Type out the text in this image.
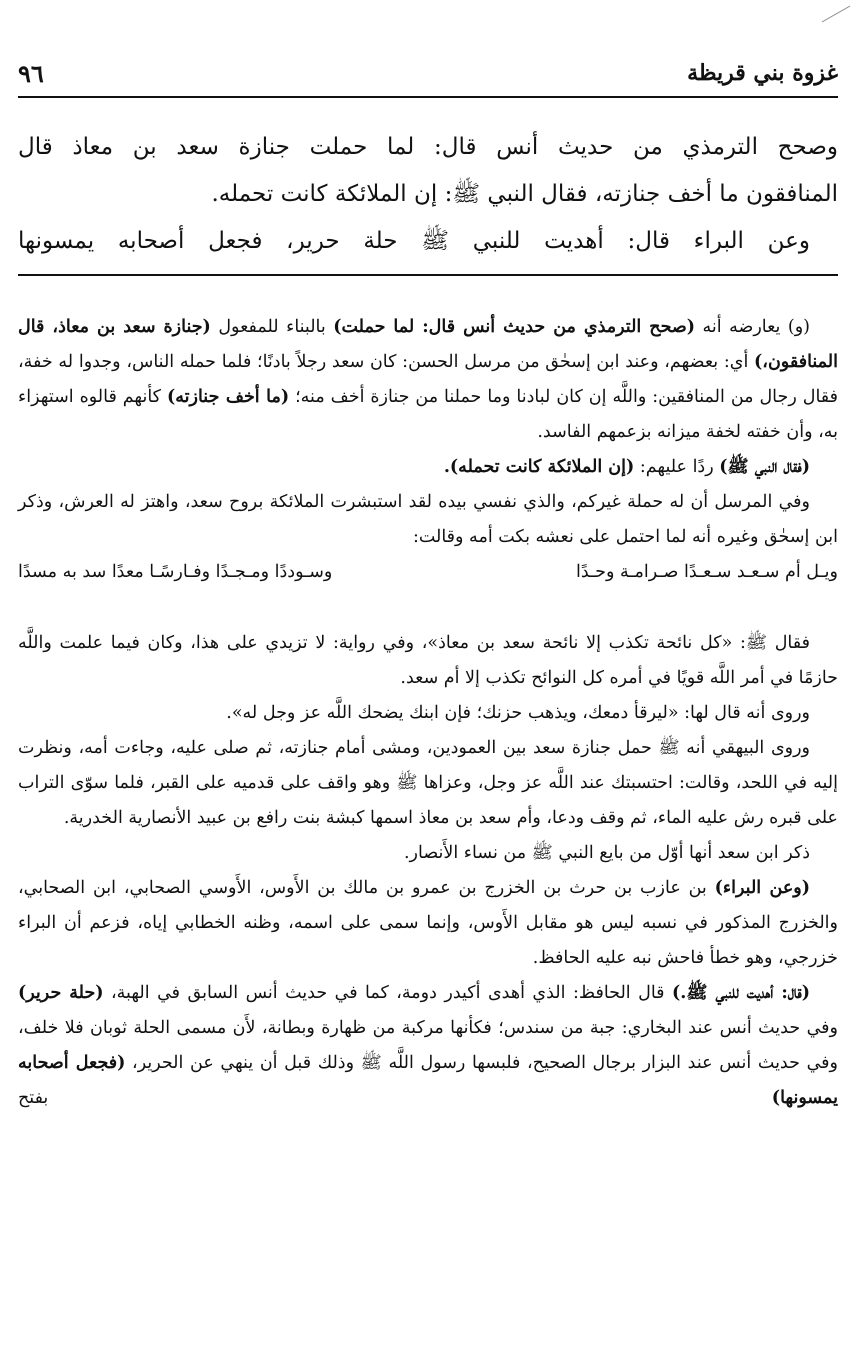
غزوة بني قريظة
٩٦

وصحح الترمذي من حديث أنس قال: لما حملت جنازة سعد بن معاذ قال

المنافقون ما أخف جنازته، فقال النبي ﷺ: إن الملائكة كانت تحمله.

وعن البراء قال: أهديت للنبي ﷺ حلة حرير، فجعل أصحابه يمسونها

(و) يعارضه أنه (صحح الترمذي من حديث أنس قال: لما حملت) بالبناء للمفعول (جنازة سعد بن معاذ، قال المنافقون،) أي: بعضهم، وعند ابن إسحٰق من مرسل الحسن: كان سعد رجلاً بادنًا؛ فلما حمله الناس، وجدوا له خفة، فقال رجال من المنافقين: واللَّه إن كان لبادنا وما حملنا من جنازة أخف منه؛ (ما أخف جنازته) كأنهم قالوه استهزاء به، وأن خفته لخفة ميزانه بزعمهم الفاسد.

(فقال النبي ﷺ) ردًا عليهم: (إن الملائكة كانت تحمله).

وفي المرسل أن له حملة غيركم، والذي نفسي بيده لقد استبشرت الملائكة بروح سعد، واهتز له العرش، وذكر ابن إسحٰق وغيره أنه لما احتمل على نعشه بكت أمه وقالت:

ويـل أم سـعـد سـعـدًا صـرامـة وحـدًا
وسـوددًا ومـجـدًا وفـارسًـا معدًا سد به مسدًا

فقال ﷺ: «كل نائحة تكذب إلا نائحة سعد بن معاذ»، وفي رواية: لا تزيدي على هذا، وكان فيما علمت واللَّه حازمًا في أمر اللَّه قويًا في أمره كل النوائح تكذب إلا أم سعد.

وروى أنه قال لها: «ليرقأ دمعك، ويذهب حزنك؛ فإن ابنك يضحك اللَّه عز وجل له».

وروى البيهقي أنه ﷺ حمل جنازة سعد بين العمودين، ومشى أمام جنازته، ثم صلى عليه، وجاءت أمه، ونظرت إليه في اللحد، وقالت: احتسبتك عند اللَّه عز وجل، وعزاها ﷺ وهو واقف على قدميه على القبر، فلما سوّى التراب على قبره رش عليه الماء، ثم وقف ودعا، وأم سعد بن معاذ اسمها كبشة بنت رافع بن عبيد الأنصارية الخدرية.

ذكر ابن سعد أنها أوّل من بايع النبي ﷺ من نساء الأَنصار.

(وعن البراء) بن عازب بن حرث بن الخزرج بن عمرو بن مالك بن الأَوس، الأَوسي الصحابي، ابن الصحابي، والخزرج المذكور في نسبه ليس هو مقابل الأَوس، وإنما سمى على اسمه، وظنه الخطابي إياه، فزعم أن البراء خزرجي، وهو خطأ فاحش نبه عليه الحافظ.

(قال: أهديت للنبي ﷺ.) قال الحافظ: الذي أهدى أكيدر دومة، كما في حديث أنس السابق في الهبة، (حلة حرير) وفي حديث أنس عند البخاري: جبة من سندس؛ فكأنها مركبة من ظهارة وبطانة، لأَن مسمى الحلة ثوبان فلا خلف، وفي حديث أنس عند البزار برجال الصحيح، فلبسها رسول اللَّه ﷺ وذلك قبل أن ينهي عن الحرير، (فجعل أصحابه يمسونها) بفتح
